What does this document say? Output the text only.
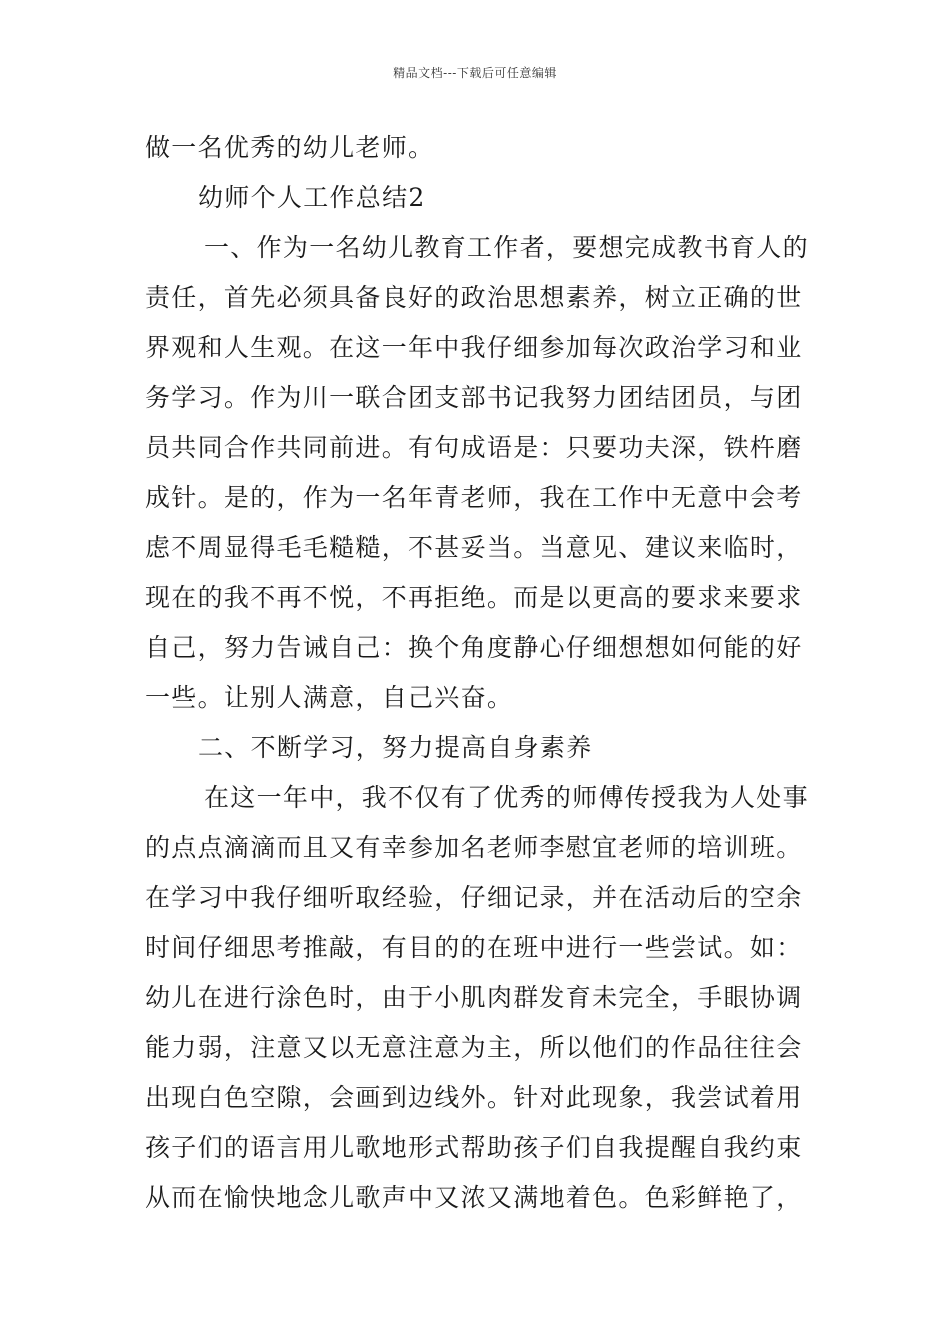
精品文档---下载后可任意编辑
做一名优秀的幼儿老师。
幼师个人工作总结2
一、作为一名幼儿教育工作者，要想完成教书育人的
责任，首先必须具备良好的政治思想素养，树立正确的世
界观和人生观。在这一年中我仔细参加每次政治学习和业
务学习。作为川一联合团支部书记我努力团结团员，与团
员共同合作共同前进。有句成语是：只要功夫深，铁杵磨
成针。是的，作为一名年青老师，我在工作中无意中会考
虑不周显得毛毛糙糙，不甚妥当。当意见、建议来临时，
现在的我不再不悦，不再拒绝。而是以更高的要求来要求
自己，努力告诫自己：换个角度静心仔细想想如何能的好
一些。让别人满意，自己兴奋。
二、不断学习，努力提高自身素养
在这一年中，我不仅有了优秀的师傅传授我为人处事
的点点滴滴而且又有幸参加名老师李慰宜老师的培训班。
在学习中我仔细听取经验，仔细记录，并在活动后的空余
时间仔细思考推敲，有目的的在班中进行一些尝试。如：
幼儿在进行涂色时，由于小肌肉群发育未完全，手眼协调
能力弱，注意又以无意注意为主，所以他们的作品往往会
出现白色空隙，会画到边线外。针对此现象，我尝试着用
孩子们的语言用儿歌地形式帮助孩子们自我提醒自我约束
从而在愉快地念儿歌声中又浓又满地着色。色彩鲜艳了，
